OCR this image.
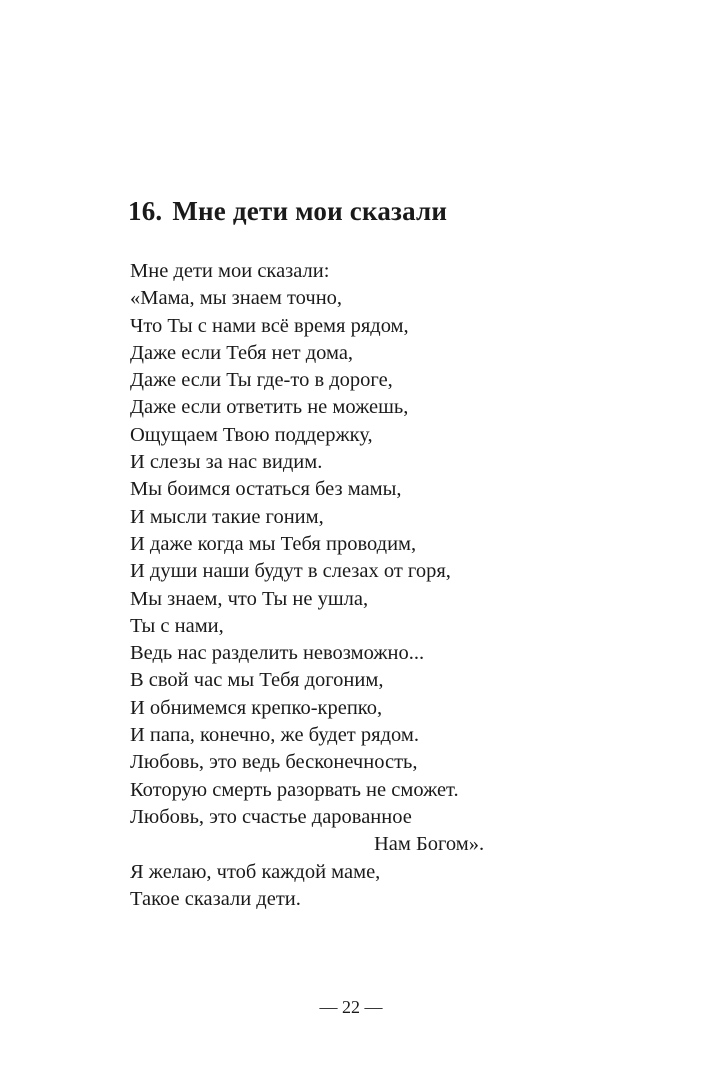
16. Мне дети мои сказали
Мне дети мои сказали:
«Мама, мы знаем точно,
Что Ты с нами всё время рядом,
Даже если Тебя нет дома,
Даже если Ты где-то в дороге,
Даже если ответить не можешь,
Ощущаем Твою поддержку,
И слезы за нас видим.
Мы боимся остаться без мамы,
И мысли такие гоним,
И даже когда мы Тебя проводим,
И души наши будут в слезах от горя,
Мы знаем, что Ты не ушла,
Ты с нами,
Ведь нас разделить невозможно...
В свой час мы Тебя догоним,
И обнимемся крепко-крепко,
И папа, конечно, же будет рядом.
Любовь, это ведь бесконечность,
Которую смерть разорвать не сможет.
Любовь, это счастье дарованное
Нам Богом».
Я желаю, чтоб каждой маме,
Такое сказали дети.
— 22 —
